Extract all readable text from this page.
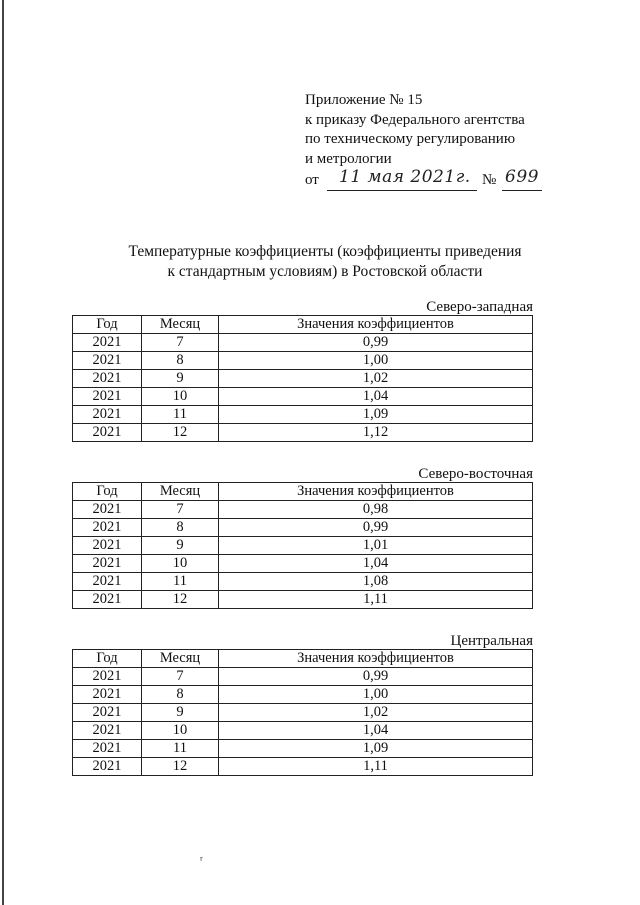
Приложение № 15
к приказу Федерального агентства
по техническому регулированию
и метрологии
от 11 мая 2021г. № 699
Температурные коэффициенты (коэффициенты приведения
к стандартным условиям) в Ростовской области
Северо-западная
Год	Месяц	Значения коэффициентов
2021	7	0,99
2021	8	1,00
2021	9	1,02
2021	10	1,04
2021	11	1,09
2021	12	1,12
Северо-восточная
Год	Месяц	Значения коэффициентов
2021	7	0,98
2021	8	0,99
2021	9	1,01
2021	10	1,04
2021	11	1,08
2021	12	1,11
Центральная
Год	Месяц	Значения коэффициентов
2021	7	0,99
2021	8	1,00
2021	9	1,02
2021	10	1,04
2021	11	1,09
2021	12	1,11
ʳ
